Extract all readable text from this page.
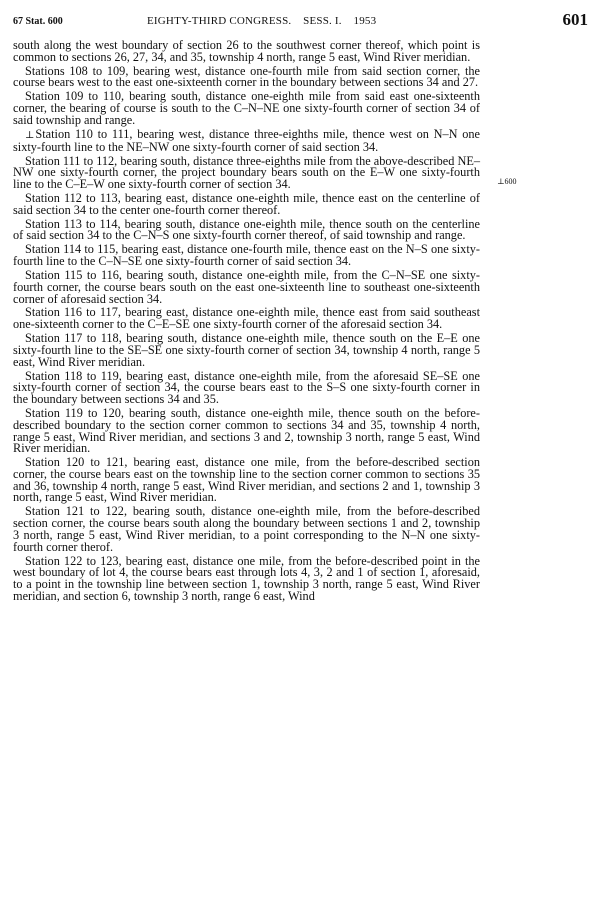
67 Stat. 600	EIGHTY-THIRD CONGRESS.    SESS. I.    1953	601
⊥600

south along the west boundary of section 26 to the southwest corner thereof, which point is common to sections 26, 27, 34, and 35, township 4 north, range 5 east, Wind River meridian.

Stations 108 to 109, bearing west, distance one-fourth mile from said section corner, the course bears west to the east one-sixteenth corner in the boundary between sections 34 and 27.

Station 109 to 110, bearing south, distance one-eighth mile from said east one-sixteenth corner, the bearing of course is south to the C–N–NE one sixty-fourth corner of section 34 of said township and range.

⊥Station 110 to 111, bearing west, distance three-eighths mile, thence west on N–N one sixty-fourth line to the NE–NW one sixty-fourth corner of said section 34.

Station 111 to 112, bearing south, distance three-eighths mile from the above-described NE–NW one sixty-fourth corner, the project boundary bears south on the E–W one sixty-fourth line to the C–E–W one sixty-fourth corner of section 34.

Station 112 to 113, bearing east, distance one-eighth mile, thence east on the centerline of said section 34 to the center one-fourth corner thereof.

Station 113 to 114, bearing south, distance one-eighth mile, thence south on the centerline of said section 34 to the C–N–S one sixty-fourth corner thereof, of said township and range.

Station 114 to 115, bearing east, distance one-fourth mile, thence east on the N–S one sixty-fourth line to the C–N–SE one sixty-fourth corner of said section 34.

Station 115 to 116, bearing south, distance one-eighth mile, from the C–N–SE one sixty-fourth corner, the course bears south on the east one-sixteenth line to southeast one-sixteenth corner of aforesaid section 34.

Station 116 to 117, bearing east, distance one-eighth mile, thence east from said southeast one-sixteenth corner to the C–E–SE one sixty-fourth corner of the aforesaid section 34.

Station 117 to 118, bearing south, distance one-eighth mile, thence south on the E–E one sixty-fourth line to the SE–SE one sixty-fourth corner of section 34, township 4 north, range 5 east, Wind River meridian.

Station 118 to 119, bearing east, distance one-eighth mile, from the aforesaid SE–SE one sixty-fourth corner of section 34, the course bears east to the S–S one sixty-fourth corner in the boundary between sections 34 and 35.

Station 119 to 120, bearing south, distance one-eighth mile, thence south on the before-described boundary to the section corner common to sections 34 and 35, township 4 north, range 5 east, Wind River meridian, and sections 3 and 2, township 3 north, range 5 east, Wind River meridian.

Station 120 to 121, bearing east, distance one mile, from the before-described section corner, the course bears east on the township line to the section corner common to sections 35 and 36, township 4 north, range 5 east, Wind River meridian, and sections 2 and 1, township 3 north, range 5 east, Wind River meridian.

Station 121 to 122, bearing south, distance one-eighth mile, from the before-described section corner, the course bears south along the boundary between sections 1 and 2, township 3 north, range 5 east, Wind River meridian, to a point corresponding to the N–N one sixty-fourth corner therof.

Station 122 to 123, bearing east, distance one mile, from the before-described point in the west boundary of lot 4, the course bears east through lots 4, 3, 2 and 1 of section 1, aforesaid, to a point in the township line between section 1, township 3 north, range 5 east, Wind River meridian, and section 6, township 3 north, range 6 east, Wind
